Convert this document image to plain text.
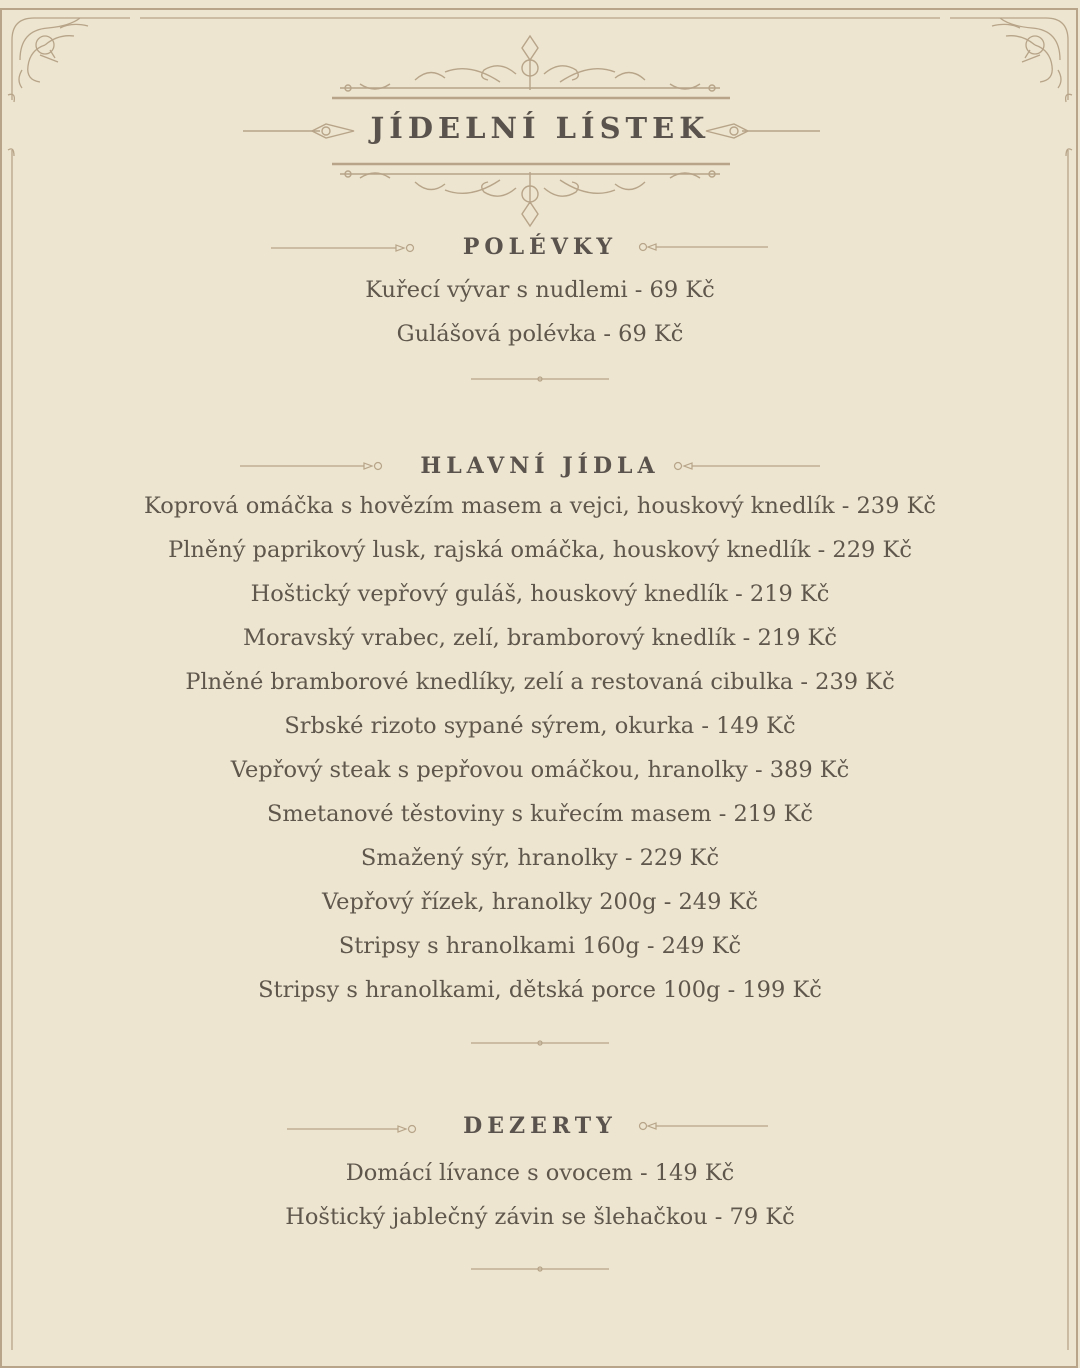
JÍDELNÍ LÍSTEK
POLÉVKY
Kuřecí vývar s nudlemi - 69 Kč
Gulášová polévka - 69 Kč
HLAVNÍ JÍDLA
Koprová omáčka s hovězím masem a vejci, houskový knedlík - 239 Kč
Plněný paprikový lusk, rajská omáčka, houskový knedlík - 229 Kč
Hoštický vepřový guláš, houskový knedlík - 219 Kč
Moravský vrabec, zelí, bramborový knedlík - 219 Kč
Plněné bramborové knedlíky, zelí a restovaná cibulka - 239 Kč
Srbské rizoto sypané sýrem, okurka - 149 Kč
Vepřový steak s pepřovou omáčkou, hranolky - 389 Kč
Smetanové těstoviny s kuřecím masem - 219 Kč
Smažený sýr, hranolky - 229 Kč
Vepřový řízek, hranolky 200g - 249 Kč
Stripsy s hranolkami 160g - 249 Kč
Stripsy s hranolkami, dětská porce 100g - 199 Kč
DEZERTY
Domácí lívance s ovocem - 149 Kč
Hoštický jablečný závin se šlehačkou - 79 Kč
